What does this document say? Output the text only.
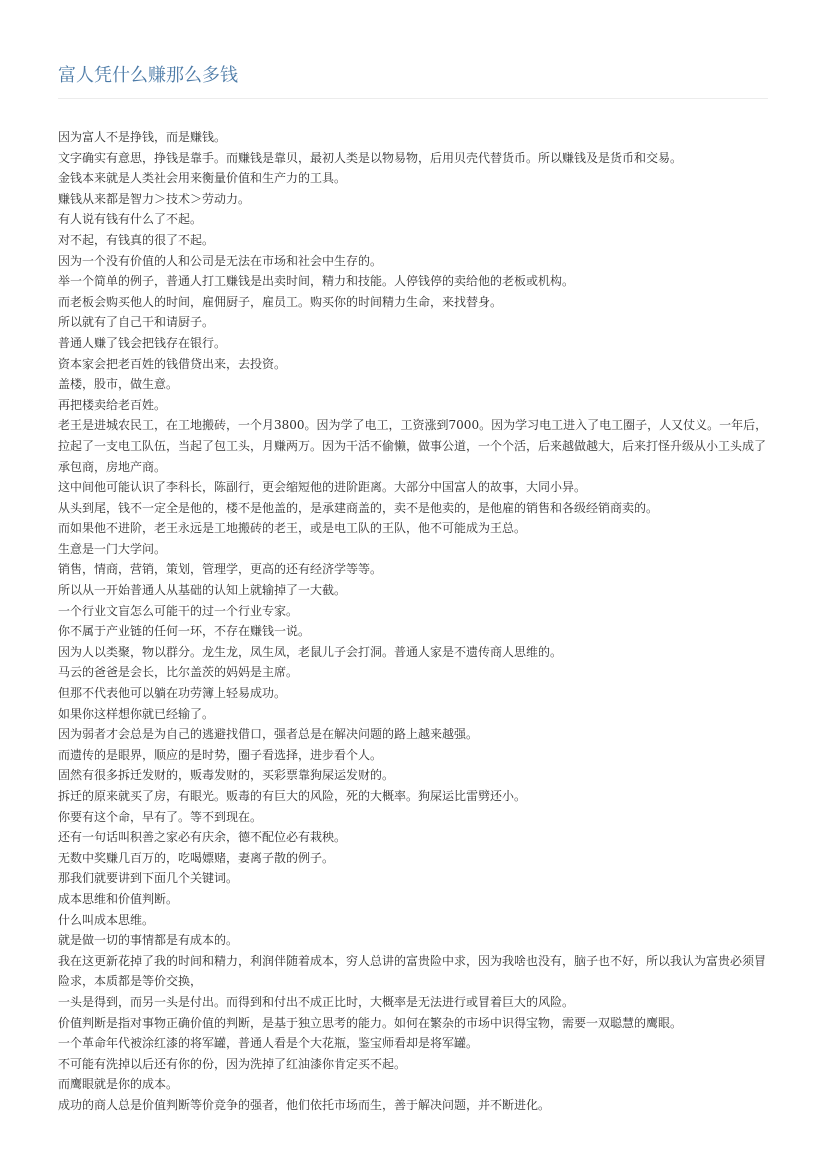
富人凭什么赚那么多钱

因为富人不是挣钱，而是赚钱。

文字确实有意思，挣钱是靠手。而赚钱是靠贝，最初人类是以物易物，后用贝壳代替货币。所以赚钱及是货币和交易。

金钱本来就是人类社会用来衡量价值和生产力的工具。

赚钱从来都是智力＞技术＞劳动力。

有人说有钱有什么了不起。

对不起，有钱真的很了不起。

因为一个没有价值的人和公司是无法在市场和社会中生存的。

举一个简单的例子，普通人打工赚钱是出卖时间，精力和技能。人停钱停的卖给他的老板或机构。

而老板会购买他人的时间，雇佣厨子，雇员工。购买你的时间精力生命，来找替身。

所以就有了自己干和请厨子。

普通人赚了钱会把钱存在银行。

资本家会把老百姓的钱借贷出来，去投资。

盖楼，股市，做生意。

再把楼卖给老百姓。

老王是进城农民工，在工地搬砖，一个月3800。因为学了电工，工资涨到7000。因为学习电工进入了电工圈子，人又仗义。一年后，拉起了一支电工队伍，当起了包工头，月赚两万。因为干活不偷懒，做事公道，一个个活，后来越做越大，后来打怪升级从小工头成了承包商，房地产商。

这中间他可能认识了李科长，陈副行，更会缩短他的进阶距离。大部分中国富人的故事，大同小异。

从头到尾，钱不一定全是他的，楼不是他盖的，是承建商盖的，卖不是他卖的，是他雇的销售和各级经销商卖的。

而如果他不进阶，老王永远是工地搬砖的老王，或是电工队的王队，他不可能成为王总。

生意是一门大学问。

销售，情商，营销，策划，管理学，更高的还有经济学等等。

所以从一开始普通人从基础的认知上就输掉了一大截。

一个行业文盲怎么可能干的过一个行业专家。

你不属于产业链的任何一环，不存在赚钱一说。

因为人以类聚，物以群分。龙生龙，凤生凤，老鼠儿子会打洞。普通人家是不遗传商人思维的。

马云的爸爸是会长，比尔盖茨的妈妈是主席。

但那不代表他可以躺在功劳簿上轻易成功。

如果你这样想你就已经输了。

因为弱者才会总是为自己的逃避找借口，强者总是在解决问题的路上越来越强。

而遗传的是眼界，顺应的是时势，圈子看选择，进步看个人。

固然有很多拆迁发财的，贩毒发财的，买彩票靠狗屎运发财的。

拆迁的原来就买了房，有眼光。贩毒的有巨大的风险，死的大概率。狗屎运比雷劈还小。

你要有这个命，早有了。等不到现在。

还有一句话叫积善之家必有庆余，德不配位必有栽秧。

无数中奖赚几百万的，吃喝嫖赌，妻离子散的例子。

那我们就要讲到下面几个关键词。

成本思维和价值判断。

什么叫成本思维。

就是做一切的事情都是有成本的。

我在这更新花掉了我的时间和精力，利润伴随着成本，穷人总讲的富贵险中求，因为我啥也没有，脑子也不好，所以我认为富贵必须冒险求，本质都是等价交换，

一头是得到，而另一头是付出。而得到和付出不成正比时，大概率是无法进行或冒着巨大的风险。

价值判断是指对事物正确价值的判断，是基于独立思考的能力。如何在繁杂的市场中识得宝物，需要一双聪慧的鹰眼。

一个革命年代被涂红漆的将军罐，普通人看是个大花瓶，鉴宝师看却是将军罐。

不可能有洗掉以后还有你的份，因为洗掉了红油漆你肯定买不起。

而鹰眼就是你的成本。

成功的商人总是价值判断等价竞争的强者，他们依托市场而生，善于解决问题，并不断进化。
